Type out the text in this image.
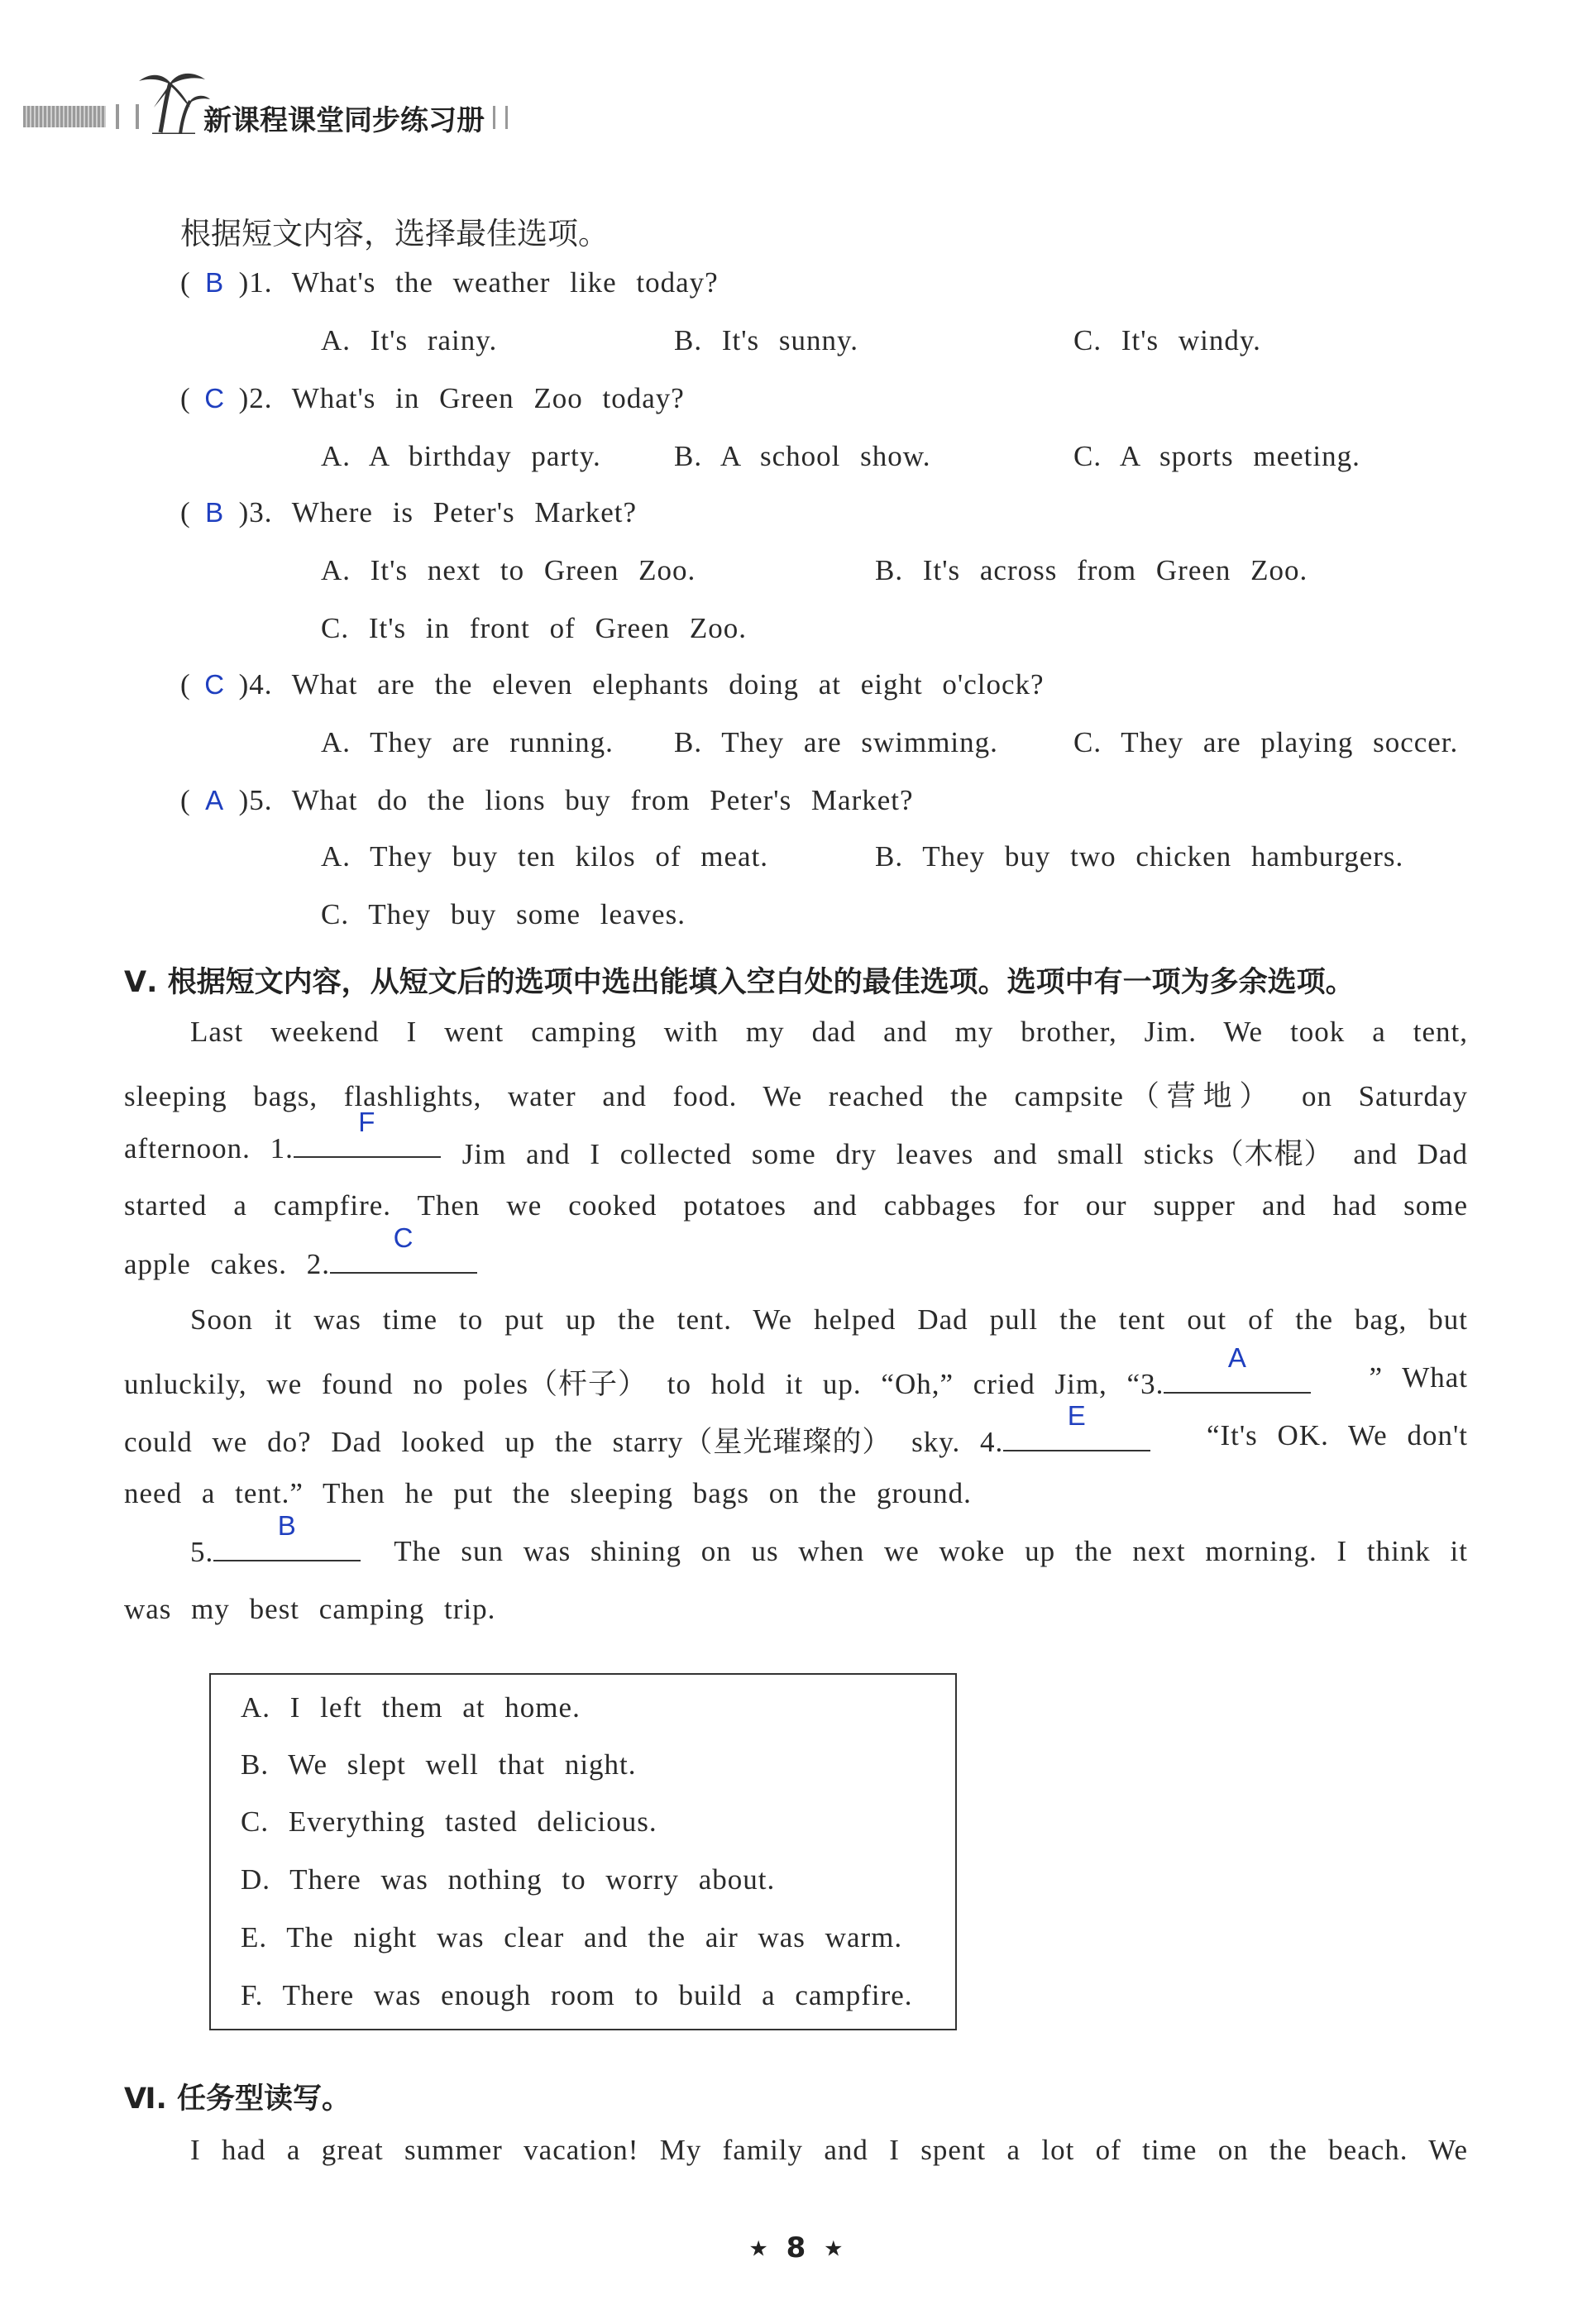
新课程课堂同步练习册
根据短文内容，选择最佳选项。
( B )1. What's the weather like today?
A. It's rainy.	B. It's sunny.	C. It's windy.
( C )2. What's in Green Zoo today?
A. A birthday party.	B. A school show.	C. A sports meeting.
( B )3. Where is Peter's Market?
A. It's next to Green Zoo.	B. It's across from Green Zoo.
C. It's in front of Green Zoo.
( C )4. What are the eleven elephants doing at eight o'clock?
A. They are running. B. They are swimming.	C. They are playing soccer.
( A )5. What do the lions buy from Peter's Market?
A. They buy ten kilos of meat.	B. They buy two chicken hamburgers.
C. They buy some leaves.
Ⅴ. 根据短文内容，从短文后的选项中选出能填入空白处的最佳选项。选项中有一项为多余选项。
Last weekend I went camping with my dad and my brother, Jim. We took a tent,
sleeping bags, flashlights, water and food. We reached the campsite（营地） on Saturday
afternoon. 1.
F
Jim and I collected some dry leaves and small sticks（木棍） and Dad
started a campfire. Then we cooked potatoes and cabbages for our supper and had some
apple cakes. 2.
C
Soon it was time to put up the tent. We helped Dad pull the tent out of the bag, but
unluckily, we found no poles（杆子） to hold it up. “Oh,” cried Jim, “3.
A
” What
could we do? Dad looked up the starry（星光璀璨的） sky. 4.
E
“It's OK. We don't
need a tent.” Then he put the sleeping bags on the ground.
5.
B
The sun was shining on us when we woke up the next morning. I think it
was my best camping trip.
A. I left them at home.
B. We slept well that night.
C. Everything tasted delicious.
D. There was nothing to worry about.
E. The night was clear and the air was warm.
F. There was enough room to build a campfire.
Ⅵ. 任务型读写。
I had a great summer vacation! My family and I spent a lot of time on the beach. We
★ 8 ★
